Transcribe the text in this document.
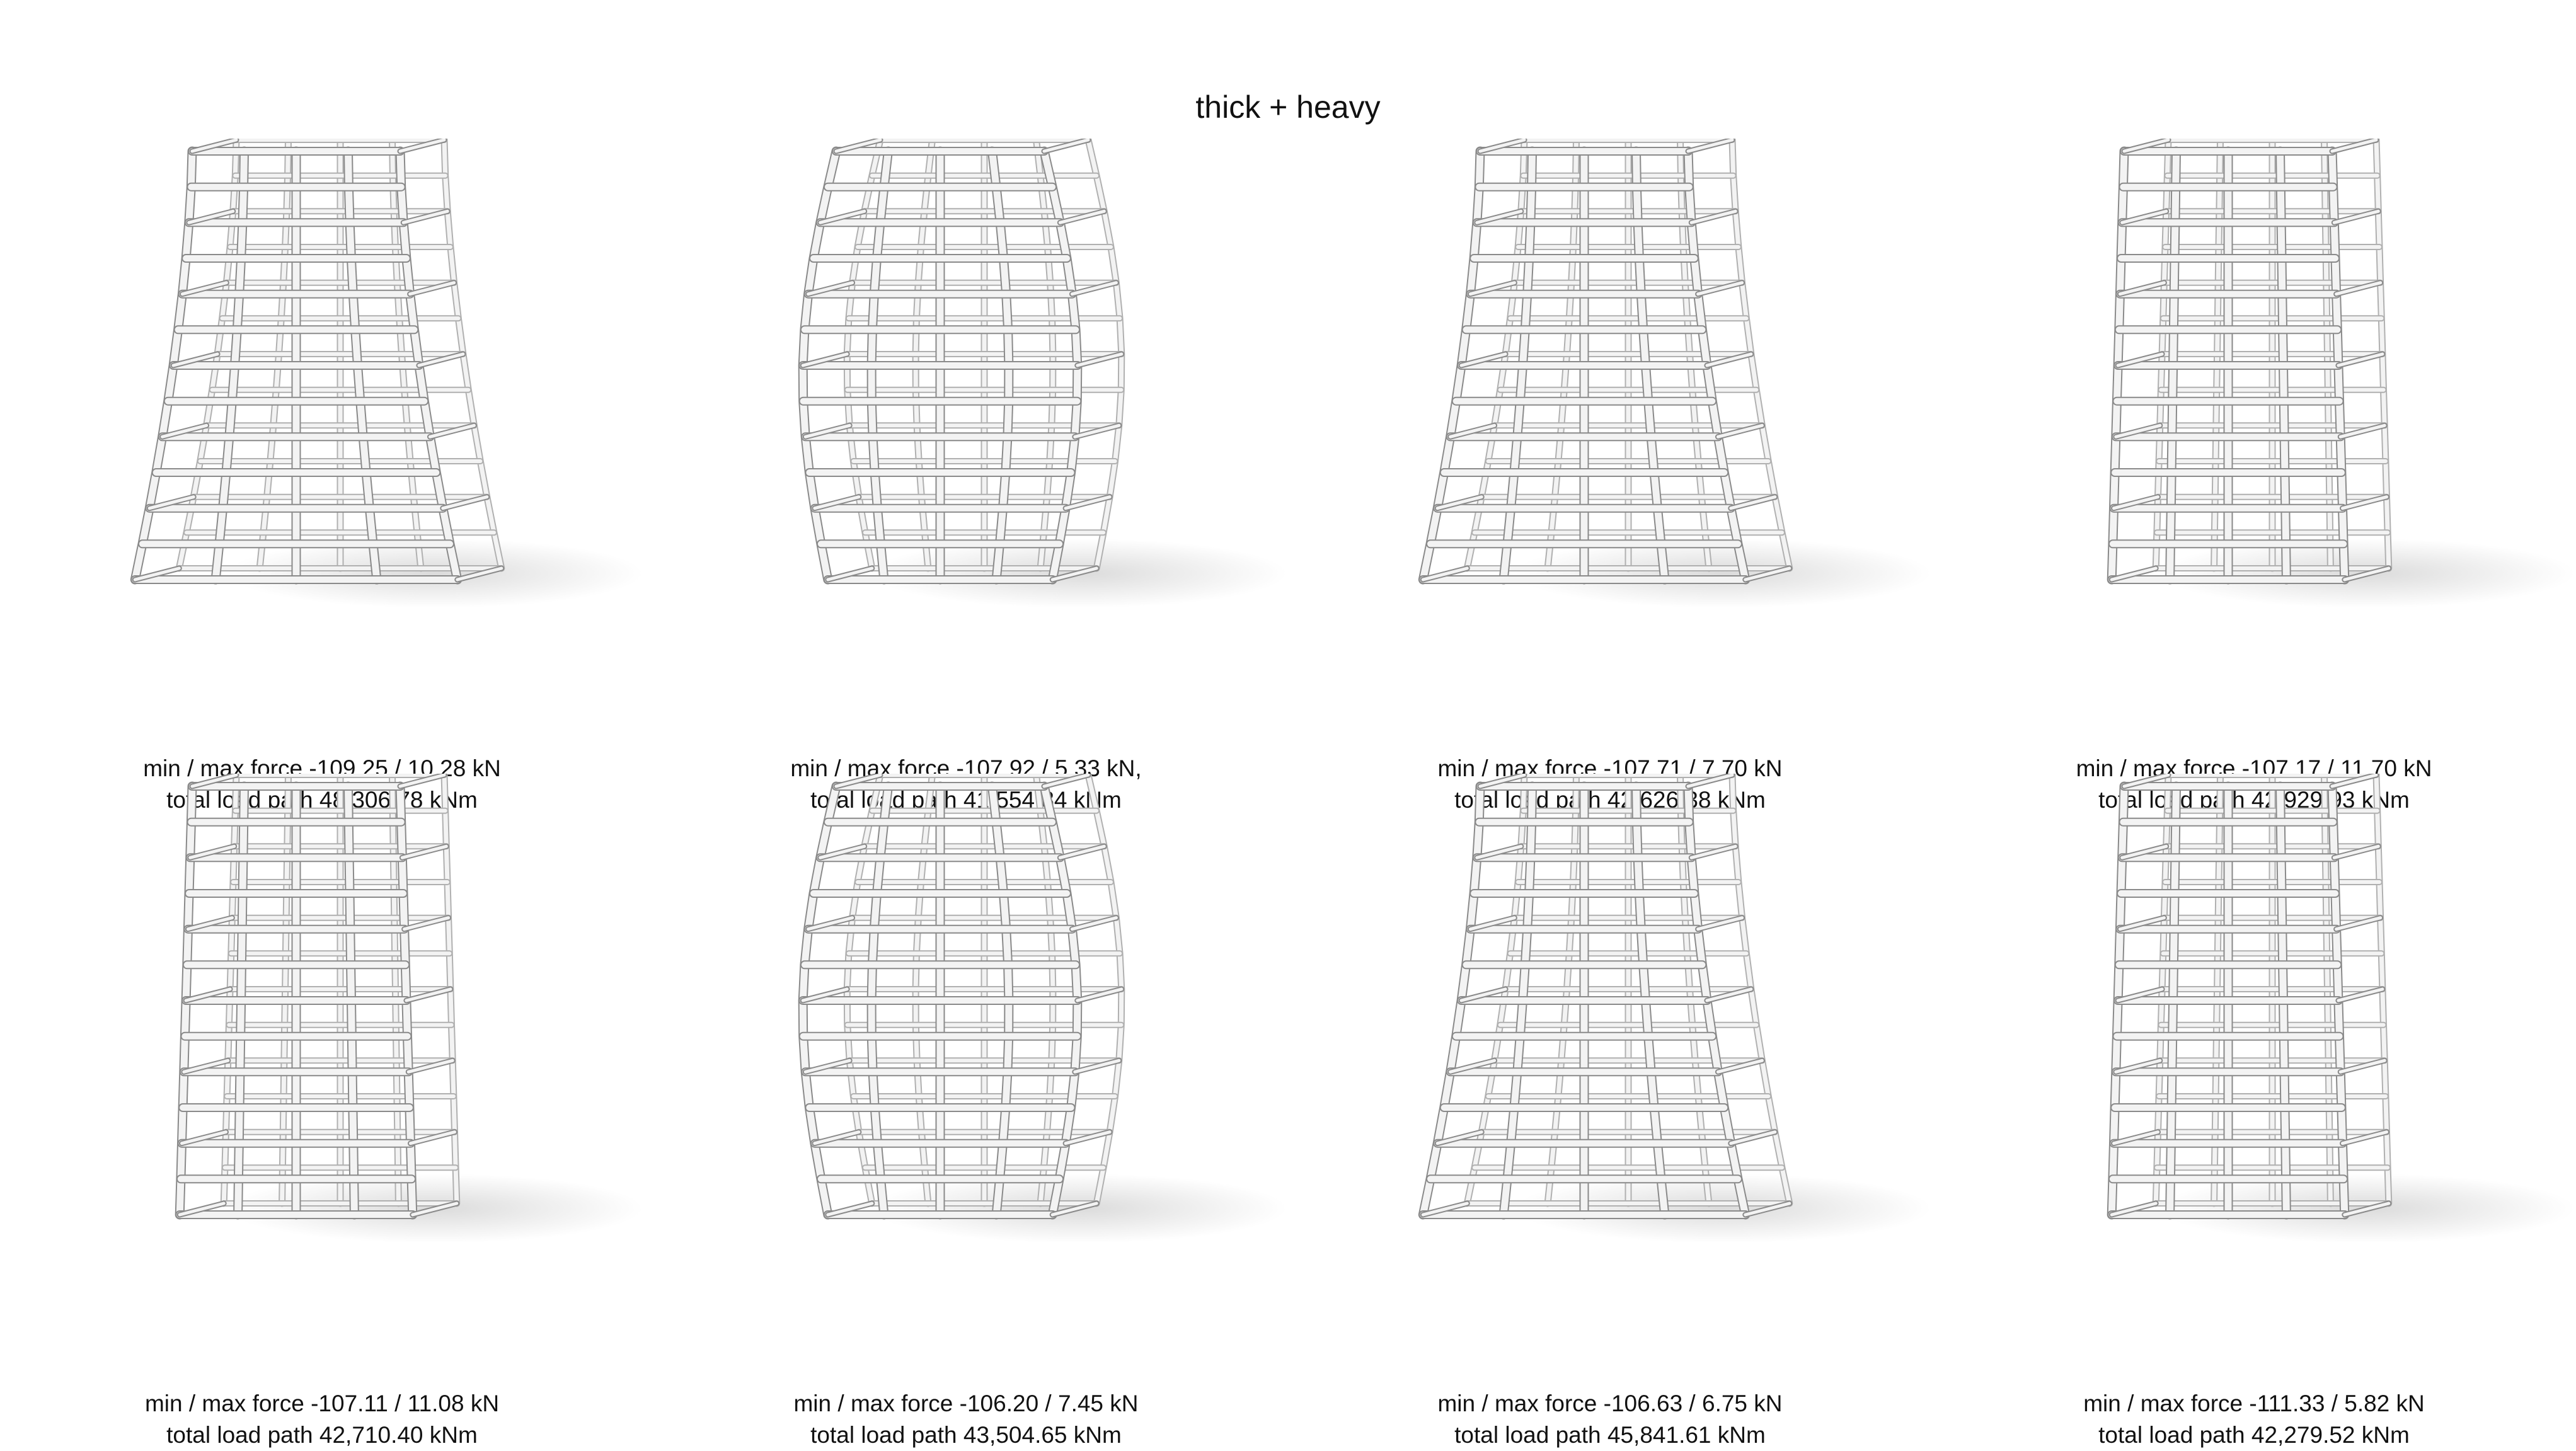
thick + heavy
min / max force -109.25 / 10.28 kN
total load path 48,306.78 kNm
min / max force -107.92 / 5.33 kN,
total load path 41,554.84 kNm
min / max force -107.71 / 7.70 kN
total load path 42,626.38 kNm
min / max force -107.17 / 11.70 kN
total load path 42,929.93 kNm
min / max force -107.11 / 11.08 kN
total load path 42,710.40 kNm
min / max force -106.20 / 7.45 kN
total load path 43,504.65 kNm
min / max force -106.63 / 6.75 kN
total load path 45,841.61 kNm
min / max force -111.33 / 5.82 kN
total load path 42,279.52 kNm
